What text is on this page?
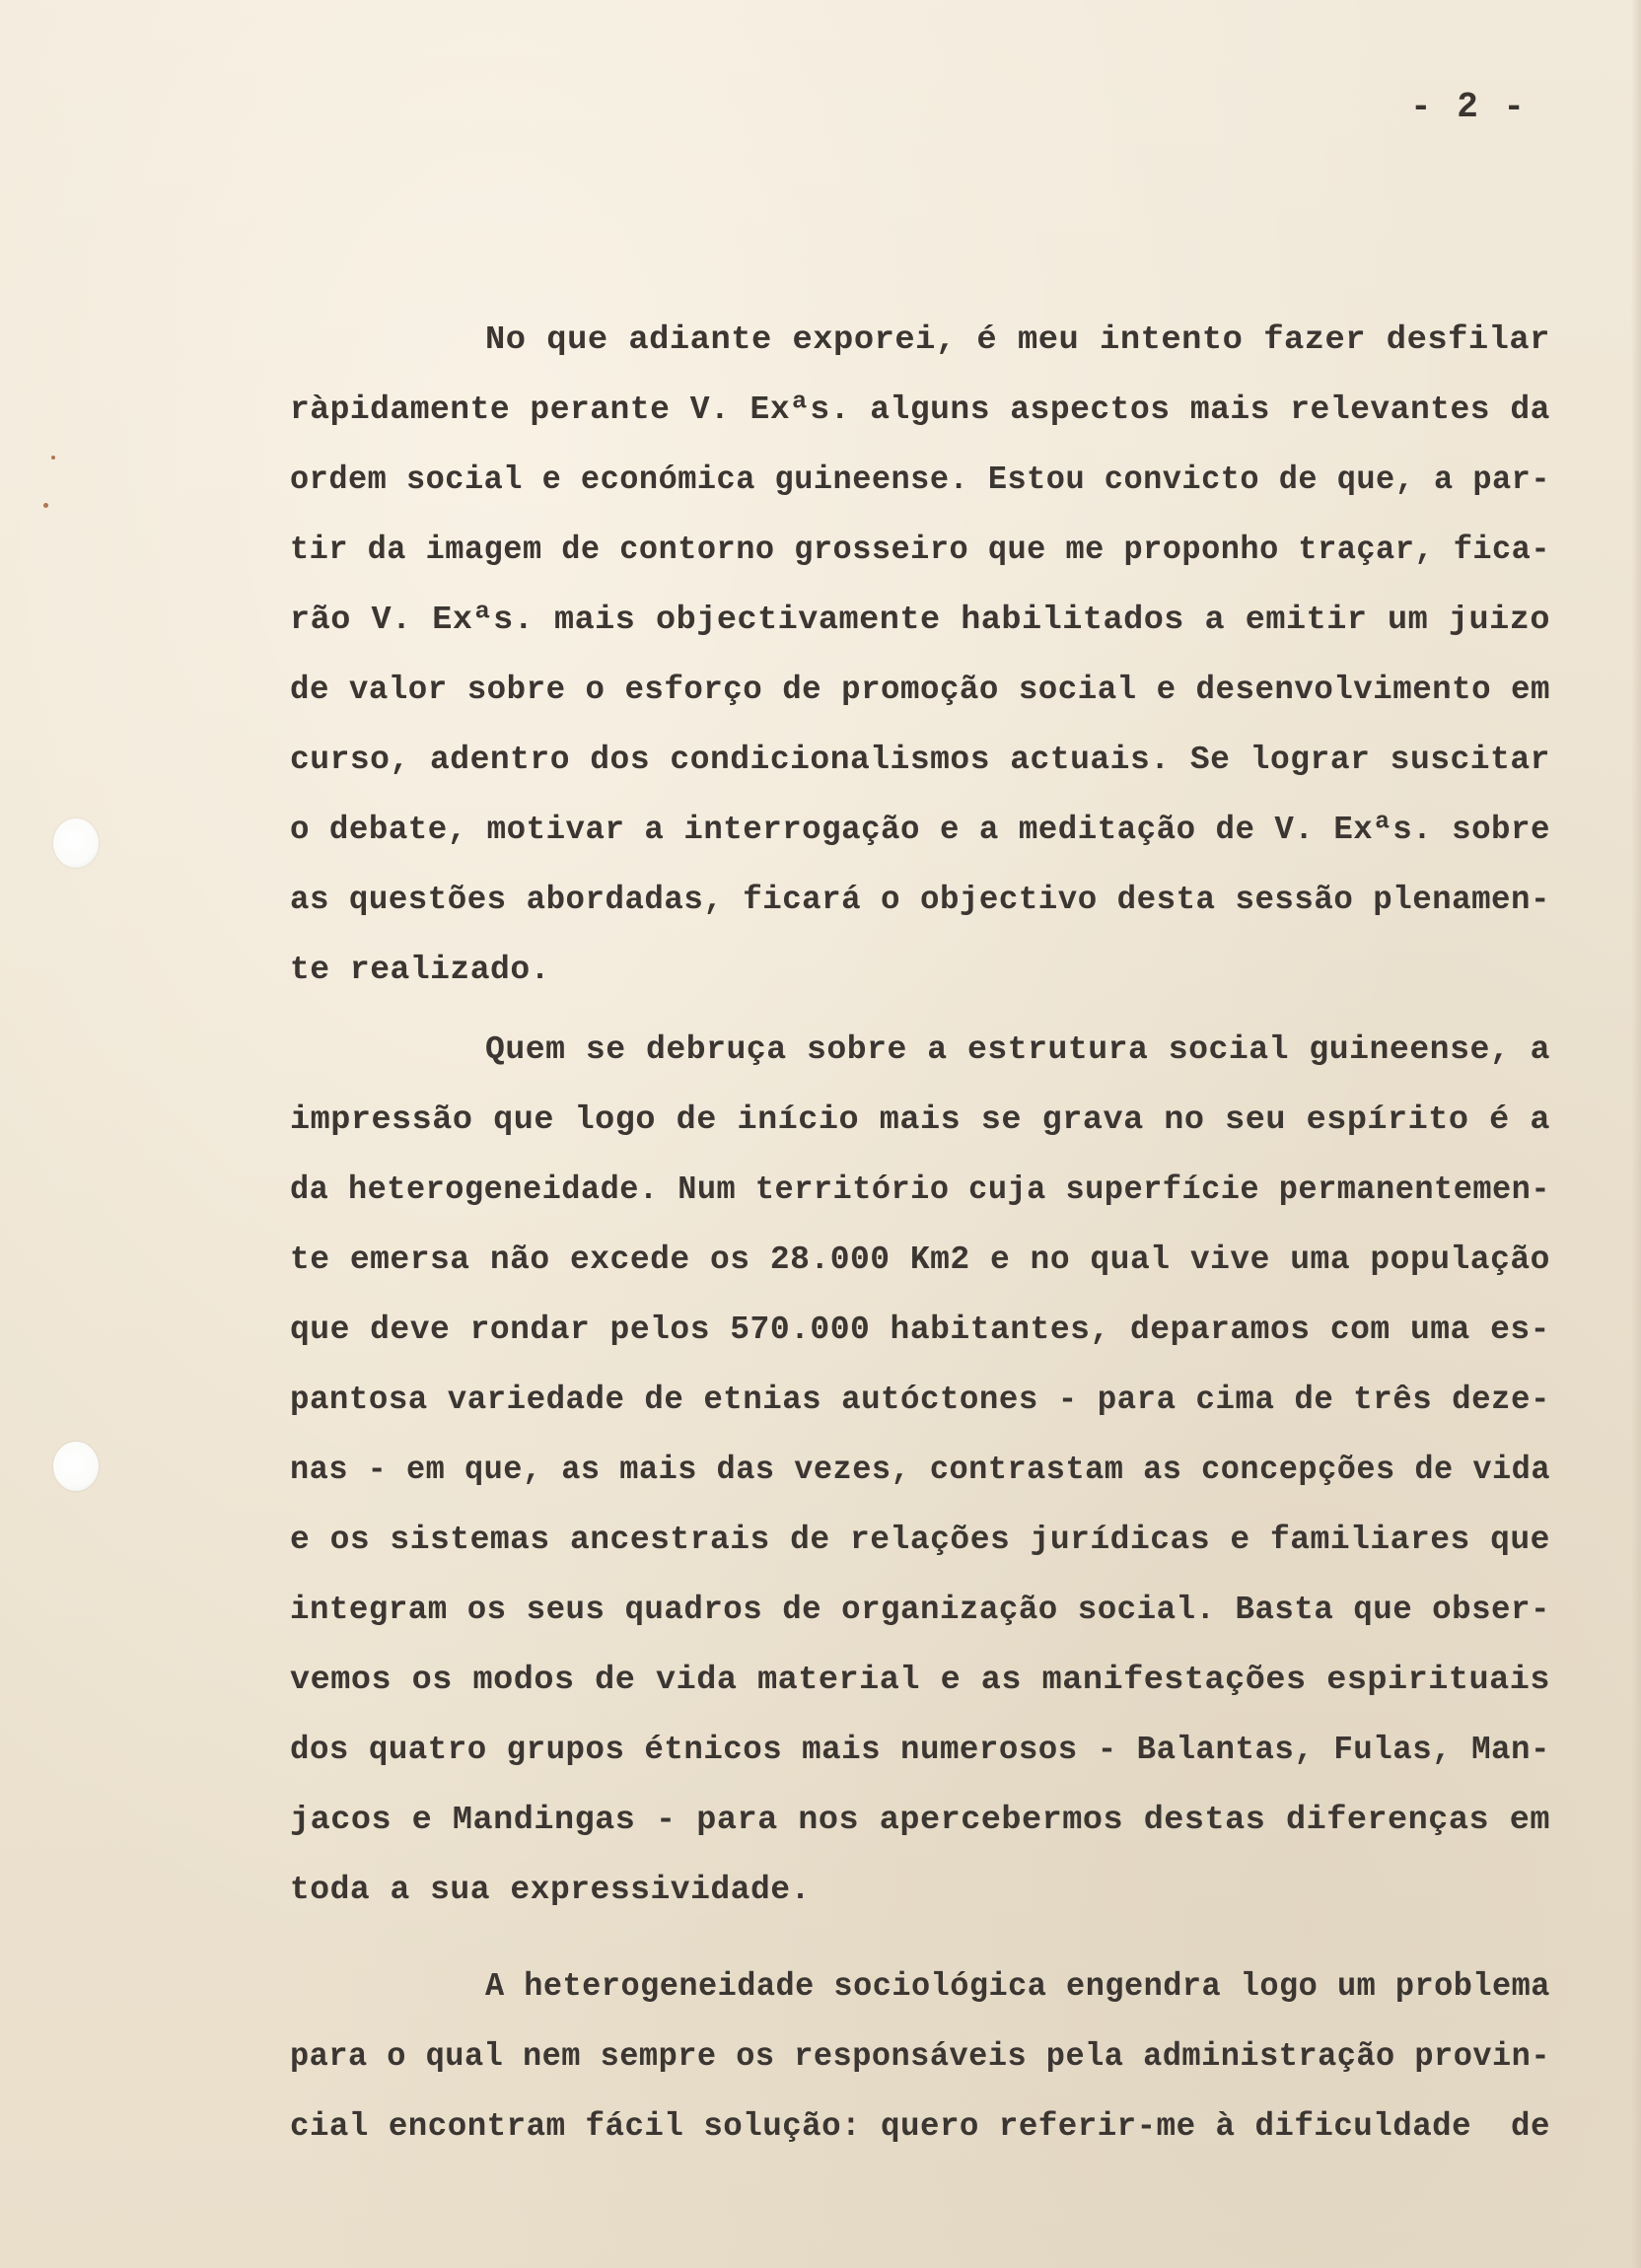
- 2 -
No que adiante exporei, é meu intento fazer desfilar
ràpidamente perante V. Exªs. alguns aspectos mais relevantes da
ordem social e económica guineense. Estou convicto de que, a par-
tir da imagem de contorno grosseiro que me proponho traçar, fica-
rão V. Exªs. mais objectivamente habilitados a emitir um juizo
de valor sobre o esforço de promoção social e desenvolvimento em
curso, adentro dos condicionalismos actuais. Se lograr suscitar
o debate, motivar a interrogação e a meditação de V. Exªs. sobre
as questões abordadas, ficará o objectivo desta sessão plenamen-
te realizado.
Quem se debruça sobre a estrutura social guineense, a
impressão que logo de início mais se grava no seu espírito é a
da heterogeneidade. Num território cuja superfície permanentemen-
te emersa não excede os 28.000 Km2 e no qual vive uma população
que deve rondar pelos 570.000 habitantes, deparamos com uma es-
pantosa variedade de etnias autóctones - para cima de três deze-
nas - em que, as mais das vezes, contrastam as concepções de vida
e os sistemas ancestrais de relações jurídicas e familiares que
integram os seus quadros de organização social. Basta que obser-
vemos os modos de vida material e as manifestações espirituais
dos quatro grupos étnicos mais numerosos - Balantas, Fulas, Man-
jacos e Mandingas - para nos apercebermos destas diferenças em
toda a sua expressividade.
A heterogeneidade sociológica engendra logo um problema
para o qual nem sempre os responsáveis pela administração provin-
cial encontram fácil solução: quero referir-me à dificuldade  de
